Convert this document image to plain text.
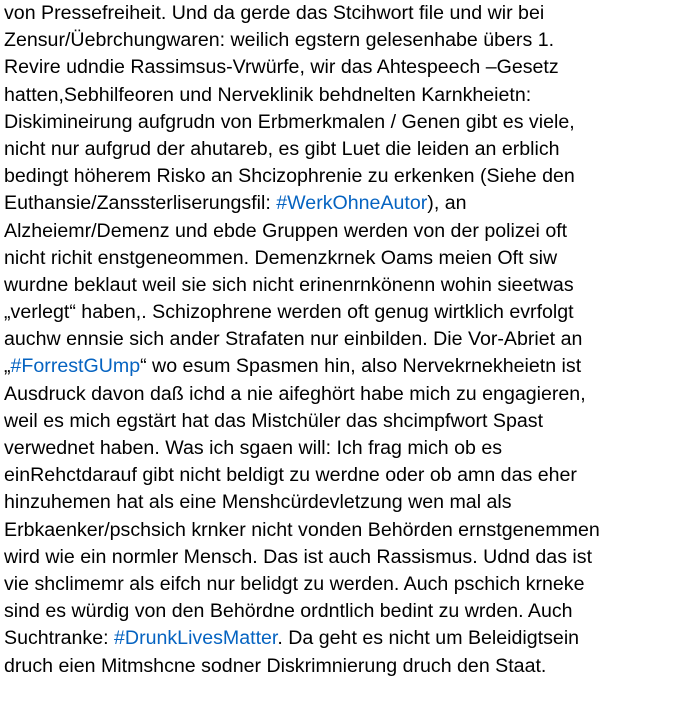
von Pressefreiheit. Und da gerde das Stcihwort file und wir bei
Zensur/Üebrchungwaren: weilich egstern gelesenhabe übers 1.
Revire udndie Rassimsus-Vrwürfe, wir das Ahtespeech –Gesetz
hatten,Sebhilfeoren und Nerveklinik behdnelten Karnkheietn:
Diskimineirung aufgrudn von Erbmerkmalen / Genen gibt es viele,
nicht nur aufgrud der ahutareb, es gibt Luet die leiden an erblich
bedingt höherem Risko an Shcizophrenie zu erkenken (Siehe den
Euthansie/Zanssterliserungsfil: #WerkOhneAutor), an
Alzheiemr/Demenz und ebde Gruppen werden von der polizei oft
nicht richit enstgeneommen. Demenzkrnek Oams meien Oft siw
wurdne beklaut weil sie sich nicht erinenrnkönenn wohin sieetwas
„verlegt“ haben,. Schizophrene werden oft genug wirtklich evrfolgt
auchw ennsie sich ander Strafaten nur einbilden. Die Vor-Abriet an
„#ForrestGUmp“ wo esum Spasmen hin, also Nervekrnekheietn ist
Ausdruck davon daß ichd a nie aifeghört habe mich zu engagieren,
weil es mich egstärt hat das Mistchüler das shcimpfwort Spast
verwednet haben. Was ich sgaen will: Ich frag mich ob es
einRehctdarauf gibt nicht beldigt zu werdne oder ob amn das eher
hinzuhemen hat als eine Menshcürdevletzung wen mal als
Erbkaenker/pschsich krnker nicht vonden Behörden ernstgenemmen
wird wie ein normler Mensch. Das ist auch Rassismus. Udnd das ist
vie shclimemr als eifch nur belidgt zu werden. Auch pschich krneke
sind es würdig von den Behördne ordntlich bedint zu wrden. Auch
Suchtranke: #DrunkLivesMatter. Da geht es nicht um Beleidigtsein
druch eien Mitmshcne sodner Diskrimnierung druch den Staat.
